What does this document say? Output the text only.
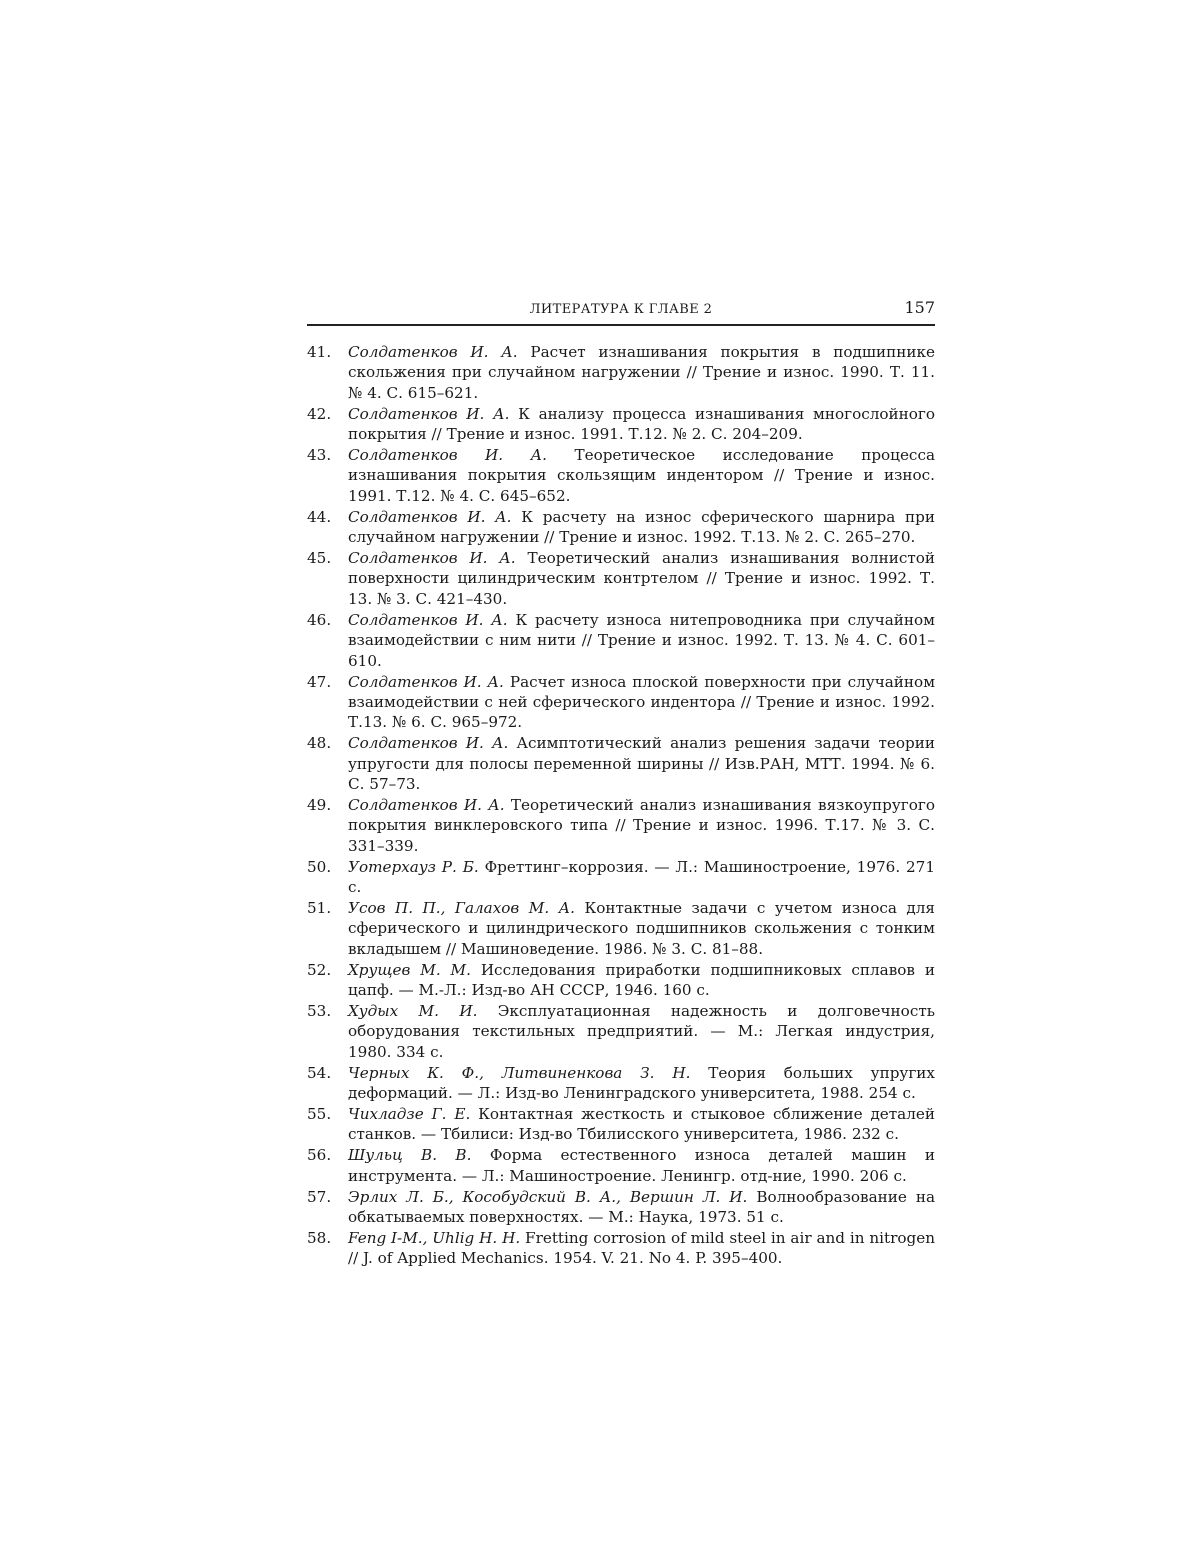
ЛИТЕРАТУРА К ГЛАВЕ 2	157
41.	Солдатенков И. А. Расчет изнашивания покрытия в подшипнике скольжения при случайном нагружении // Трение и износ. 1990. Т. 11. № 4. С. 615–621.
42.	Солдатенков И. А. К анализу процесса изнашивания многослойного покрытия // Трение и износ. 1991. Т.12. № 2. С. 204–209.
43.	Солдатенков И. А. Теоретическое исследование процесса изнашивания покрытия скользящим индентором // Трение и износ. 1991. Т.12. № 4. С. 645–652.
44.	Солдатенков И. А. К расчету на износ сферического шарнира при случайном нагружении // Трение и износ. 1992. Т.13. № 2. С. 265–270.
45.	Солдатенков И. А. Теоретический анализ изнашивания волнистой поверхности цилиндрическим контртелом // Трение и износ. 1992. Т. 13. № 3. С. 421–430.
46.	Солдатенков И. А. К расчету износа нитепроводника при случайном взаимодействии с ним нити // Трение и износ. 1992. Т. 13. № 4. С. 601–610.
47.	Солдатенков И. А. Расчет износа плоской поверхности при случайном взаимодействии с ней сферического индентора // Трение и износ. 1992. Т.13. № 6. С. 965–972.
48.	Солдатенков И. А. Асимптотический анализ решения задачи теории упругости для полосы переменной ширины // Изв.РАН, МТТ. 1994. № 6. С. 57–73.
49.	Солдатенков И. А. Теоретический анализ изнашивания вязкоупругого покрытия винклеровского типа // Трение и износ. 1996. Т.17. № 3. С. 331–339.
50.	Уотерхауз Р. Б. Фреттинг–коррозия. — Л.: Машиностроение, 1976. 271 с.
51.	Усов П. П., Галахов М. А. Контактные задачи с учетом износа для сферического и цилиндрического подшипников скольжения с тонким вкладышем // Машиноведение. 1986. № 3. С. 81–88.
52.	Хрущев М. М. Исследования приработки подшипниковых сплавов и цапф. — М.-Л.: Изд-во АН СССР, 1946. 160 с.
53.	Худых М. И. Эксплуатационная надежность и долговечность оборудования текстильных предприятий. — М.: Легкая индустрия, 1980. 334 с.
54.	Черных К. Ф., Литвиненкова З. Н. Теория больших упругих деформаций. — Л.: Изд-во Ленинградского университета, 1988. 254 с.
55.	Чихладзе Г. Е. Контактная жесткость и стыковое сближение деталей станков. — Тбилиси: Изд-во Тбилисского университета, 1986. 232 с.
56.	Шульц В. В. Форма естественного износа деталей машин и инструмента. — Л.: Машиностроение. Ленингр. отд-ние, 1990. 206 с.
57.	Эрлих Л. Б., Кособудский В. А., Вершин Л. И. Волнообразование на обкатываемых поверхностях. — М.: Наука, 1973. 51 с.
58.	Feng I-M., Uhlig H. H. Fretting corrosion of mild steel in air and in nitrogen // J. of Applied Mechanics. 1954. V. 21. No 4. P. 395–400.
